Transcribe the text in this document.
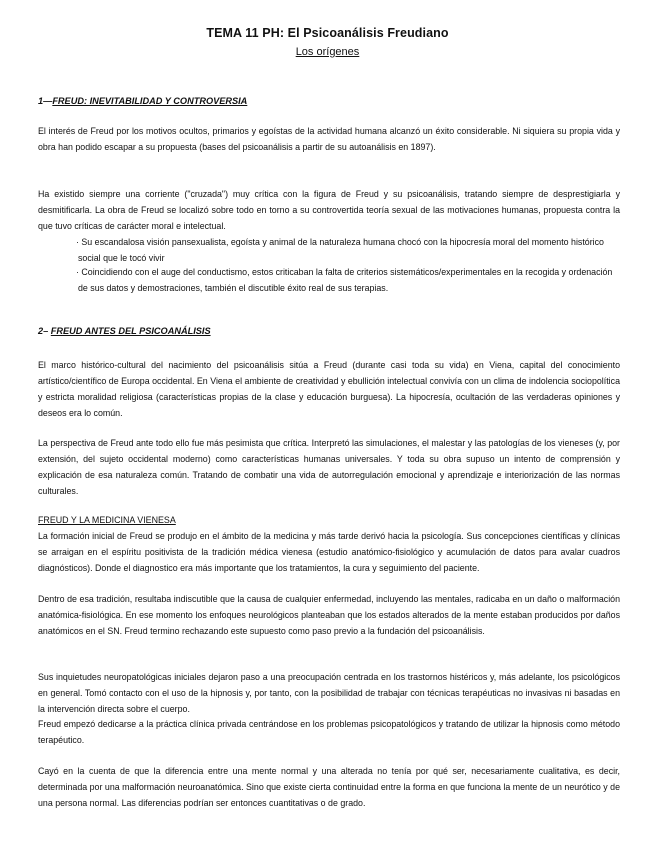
TEMA 11 PH: El Psicoanálisis Freudiano
Los orígenes
1—FREUD: INEVITABILIDAD Y CONTROVERSIA

El interés de Freud por los motivos ocultos, primarios y egoístas de la actividad humana alcanzó un éxito considerable. Ni siquiera su propia vida y obra han podido escapar a su propuesta (bases del psicoanálisis a partir de su autoanálisis en 1897).

Ha existido siempre una corriente ("cruzada") muy crítica con la figura de Freud y su psicoanálisis, tratando siempre de desprestigiarla y desmitificarla. La obra de Freud se localizó sobre todo en torno a su controvertida teoría sexual de las motivaciones humanas, propuesta contra la que tuvo críticas de carácter moral e intelectual.

· Su escandalosa visión pansexualista, egoísta y animal de la naturaleza humana chocó con la hipocresía moral del momento histórico social que le tocó vivir

· Coincidiendo con el auge del conductismo, estos criticaban la falta de criterios sistemáticos/experimentales en la recogida y ordenación de sus datos y demostraciones, también el discutible éxito real de sus terapias.

2– FREUD ANTES DEL PSICOANÁLISIS

El marco histórico-cultural del nacimiento del psicoanálisis sitúa a Freud (durante casi toda su vida) en Viena, capital del conocimiento artístico/científico de Europa occidental. En Viena el ambiente de creatividad y ebullición intelectual convivía con un clima de indolencia sociopolítica y estricta moralidad religiosa (características propias de la clase y educación burguesa). La hipocresía, ocultación de las verdaderas opiniones y deseos era lo común.

La perspectiva de Freud ante todo ello fue más pesimista que crítica. Interpretó las simulaciones, el malestar y las patologías de los vieneses (y, por extensión, del sujeto occidental moderno) como características humanas universales. Y toda su obra supuso un intento de comprensión y explicación de esa naturaleza común. Tratando de combatir una vida de autorregulación emocional y aprendizaje e interiorización de las normas culturales.

FREUD Y LA MEDICINA VIENESA

La formación inicial de Freud se produjo en el ámbito de la medicina y más tarde derivó hacia la psicología. Sus concepciones científicas y clínicas se arraigan en el espíritu positivista de la tradición médica vienesa (estudio anatómico-fisiológico y acumulación de datos para avalar cuadros diagnósticos). Donde el diagnostico era más importante que los tratamientos, la cura y seguimiento del paciente.

Dentro de esa tradición, resultaba indiscutible que la causa de cualquier enfermedad, incluyendo las mentales, radicaba en un daño o malformación anatómica-fisiológica. En ese momento los enfoques neurológicos planteaban que los estados alterados de la mente estaban producidos por daños anatómicos en el SN. Freud termino rechazando este supuesto como paso previo a la fundación del psicoanálisis.

Sus inquietudes neuropatológicas iniciales dejaron paso a una preocupación centrada en los trastornos histéricos y, más adelante, los psicológicos en general. Tomó contacto con el uso de la hipnosis y, por tanto, con la posibilidad de trabajar con técnicas terapéuticas no invasivas ni basadas en la intervención directa sobre el cuerpo.

Freud empezó dedicarse a la práctica clínica privada centrándose en los problemas psicopatológicos y tratando de utilizar la hipnosis como método terapéutico.

Cayó en la cuenta de que la diferencia entre una mente normal y una alterada no tenía por qué ser, necesariamente cualitativa, es decir, determinada por una malformación neuroanatómica. Sino que existe cierta continuidad entre la forma en que funciona la mente de un neurótico y de una persona normal. Las diferencias podrían ser entonces cuantitativas o de grado.
